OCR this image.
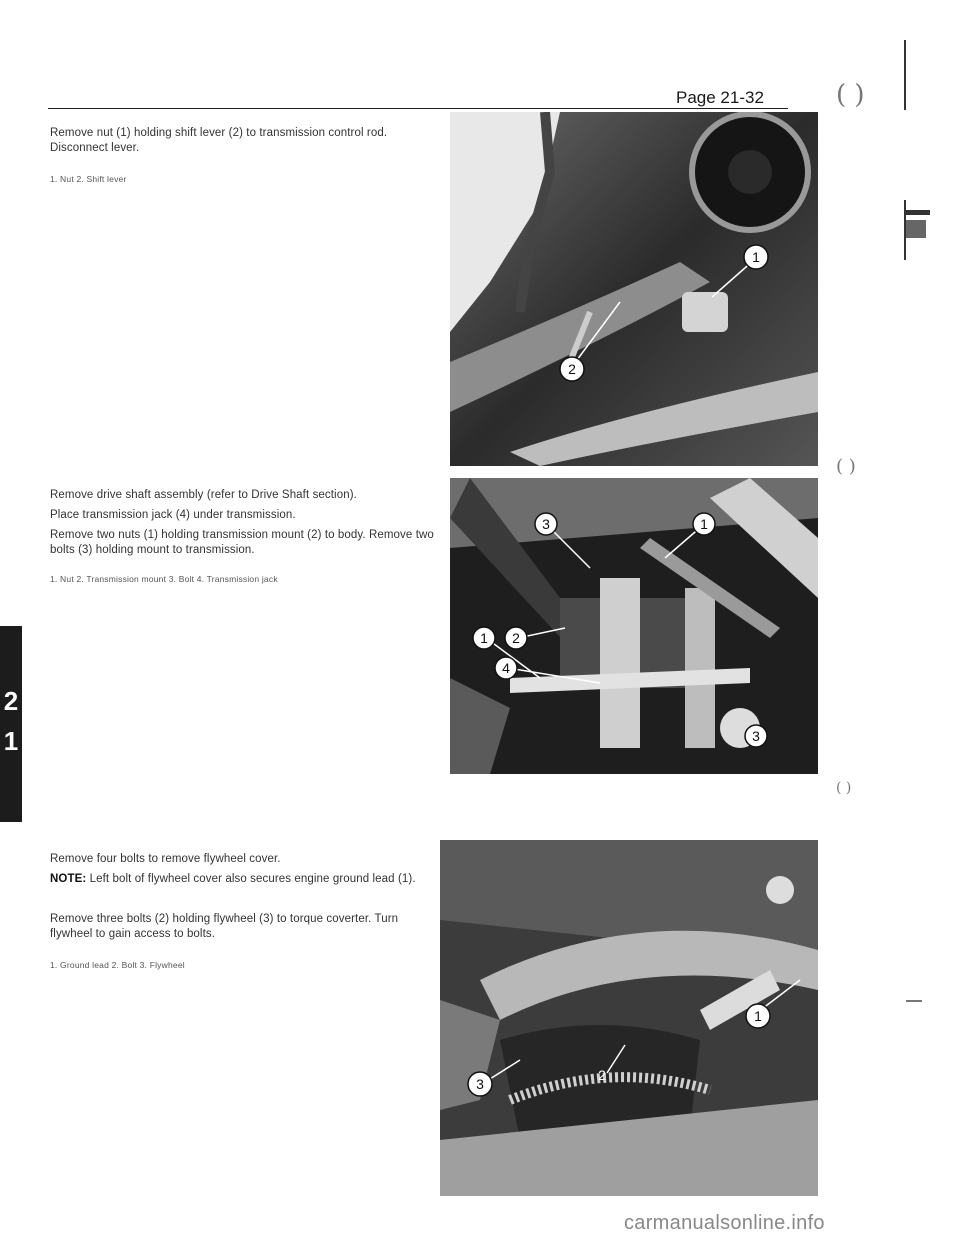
Page 21-32
Remove nut (1) holding shift lever (2) to transmission control rod. Disconnect lever.
1. Nut 2. Shift lever
1
2
Remove drive shaft assembly (refer to Drive Shaft section).
Place transmission jack (4) under transmission.
Remove two nuts (1) holding transmission mount (2) to body. Remove two bolts (3) holding mount to transmission.
1. Nut 2. Transmission mount 3. Bolt 4. Transmission jack
3	1
1 2
4
3
Remove four bolts to remove flywheel cover.
NOTE: Left bolt of flywheel cover also secures engine ground lead (1).
Remove three bolts (2) holding flywheel (3) to torque coverter. Turn flywheel to gain access to bolts.
1. Ground lead 2. Bolt 3. Flywheel
1
2
3
2
1
( )
( )
( )
carmanualsonline.info
